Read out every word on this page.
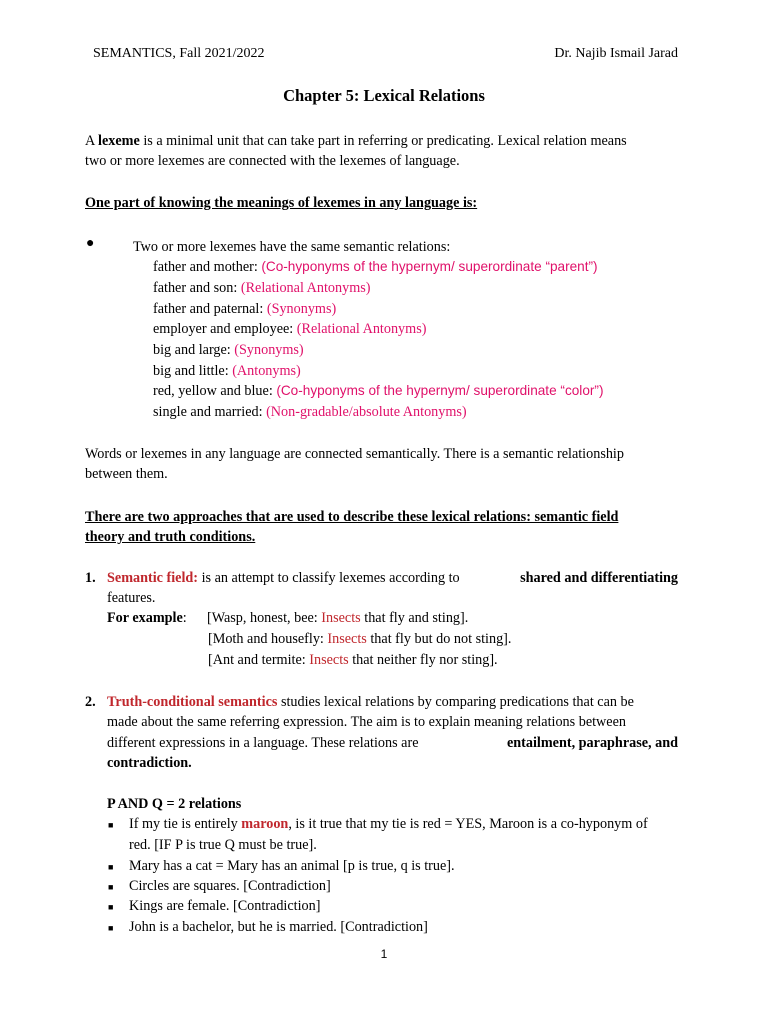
SEMANTICS, Fall 2021/2022	Dr. Najib Ismail Jarad
Chapter 5: Lexical Relations
A lexeme is a minimal unit that can take part in referring or predicating. Lexical relation means
two or more lexemes are connected with the lexemes of language.
One part of knowing the meanings of lexemes in any language is:
●	Two or more lexemes have the same semantic relations:
father and mother: (Co-hyponyms of the hypernym/ superordinate “parent”)
father and son: (Relational Antonyms)
father and paternal: (Synonyms)
employer and employee: (Relational Antonyms)
big and large: (Synonyms)
big and little: (Antonyms)
red, yellow and blue: (Co-hyponyms of the hypernym/ superordinate “color”)
single and married: (Non-gradable/absolute Antonyms)
Words or lexemes in any language are connected semantically. There is a semantic relationship
between them.
There are two approaches that are used to describe these lexical relations: semantic field
theory and truth conditions.
1. Semantic field: is an attempt to classify lexemes according to	shared and differentiating
features.
For example: [Wasp, honest, bee: Insects that fly and sting].
[Moth and housefly: Insects that fly but do not sting].
[Ant and termite: Insects that neither fly nor sting].
2. Truth-conditional semantics studies lexical relations by comparing predications that can be
made about the same referring expression. The aim is to explain meaning relations between
different expressions in a language. These relations are	entailment, paraphrase, and
contradiction.
P AND Q = 2 relations
■ If my tie is entirely maroon, is it true that my tie is red = YES, Maroon is a co-hyponym of
red. [IF P is true Q must be true].
■ Mary has a cat = Mary has an animal [p is true, q is true].
■ Circles are squares. [Contradiction]
■ Kings are female. [Contradiction]
■ John is a bachelor, but he is married. [Contradiction]
1
